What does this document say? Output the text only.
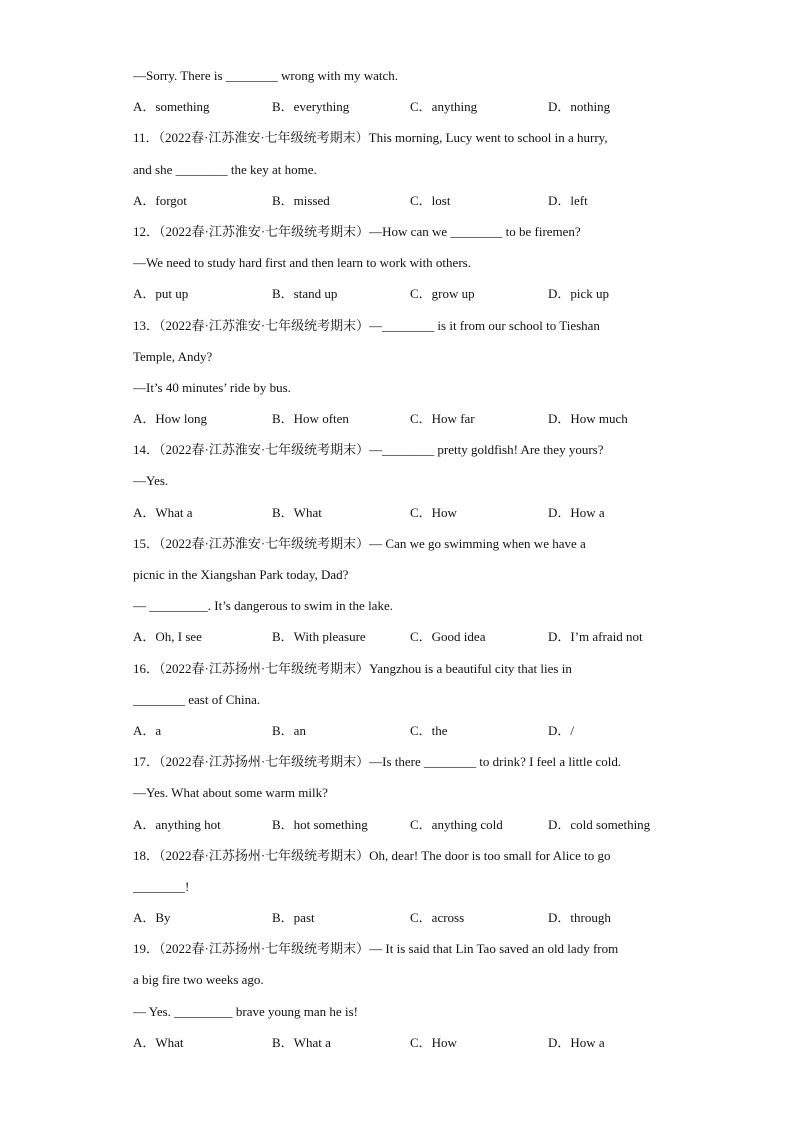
—Sorry. There is ________ wrong with my watch.
A．something	B．everything	C．anything	D．nothing
11．（2022春·江苏淮安·七年级统考期末）This morning, Lucy went to school in a hurry,
and she ________ the key at home.
A．forgot	B．missed	C．lost	D．left
12．（2022春·江苏淮安·七年级统考期末）—How can we ________ to be firemen?
—We need to study hard first and then learn to work with others.
A．put up	B．stand up	C．grow up	D．pick up
13．（2022春·江苏淮安·七年级统考期末）—________ is it from our school to Tieshan
Temple, Andy?
—It’s 40 minutes’ ride by bus.
A．How long	B．How often	C．How far	D．How much
14．（2022春·江苏淮安·七年级统考期末）—________ pretty goldfish! Are they yours?
—Yes.
A．What a	B．What	C．How	D．How a
15．（2022春·江苏淮安·七年级统考期末）— Can we go swimming when we have a
picnic in the Xiangshan Park today, Dad?
— _________. It’s dangerous to swim in the lake.
A．Oh, I see	B．With pleasure	C．Good idea	D．I’m afraid not
16．（2022春·江苏扬州·七年级统考期末）Yangzhou is a beautiful city that lies in
________ east of China.
A．a	B．an	C．the	D．/
17．（2022春·江苏扬州·七年级统考期末）—Is there ________ to drink? I feel a little cold.
—Yes. What about some warm milk?
A．anything hot	B．hot something	C．anything cold	D．cold something
18．（2022春·江苏扬州·七年级统考期末）Oh, dear! The door is too small for Alice to go
________!
A．By	B．past	C．across	D．through
19．（2022春·江苏扬州·七年级统考期末）— It is said that Lin Tao saved an old lady from
a big fire two weeks ago.
— Yes. _________ brave young man he is!
A．What	B．What a	C．How	D．How a
